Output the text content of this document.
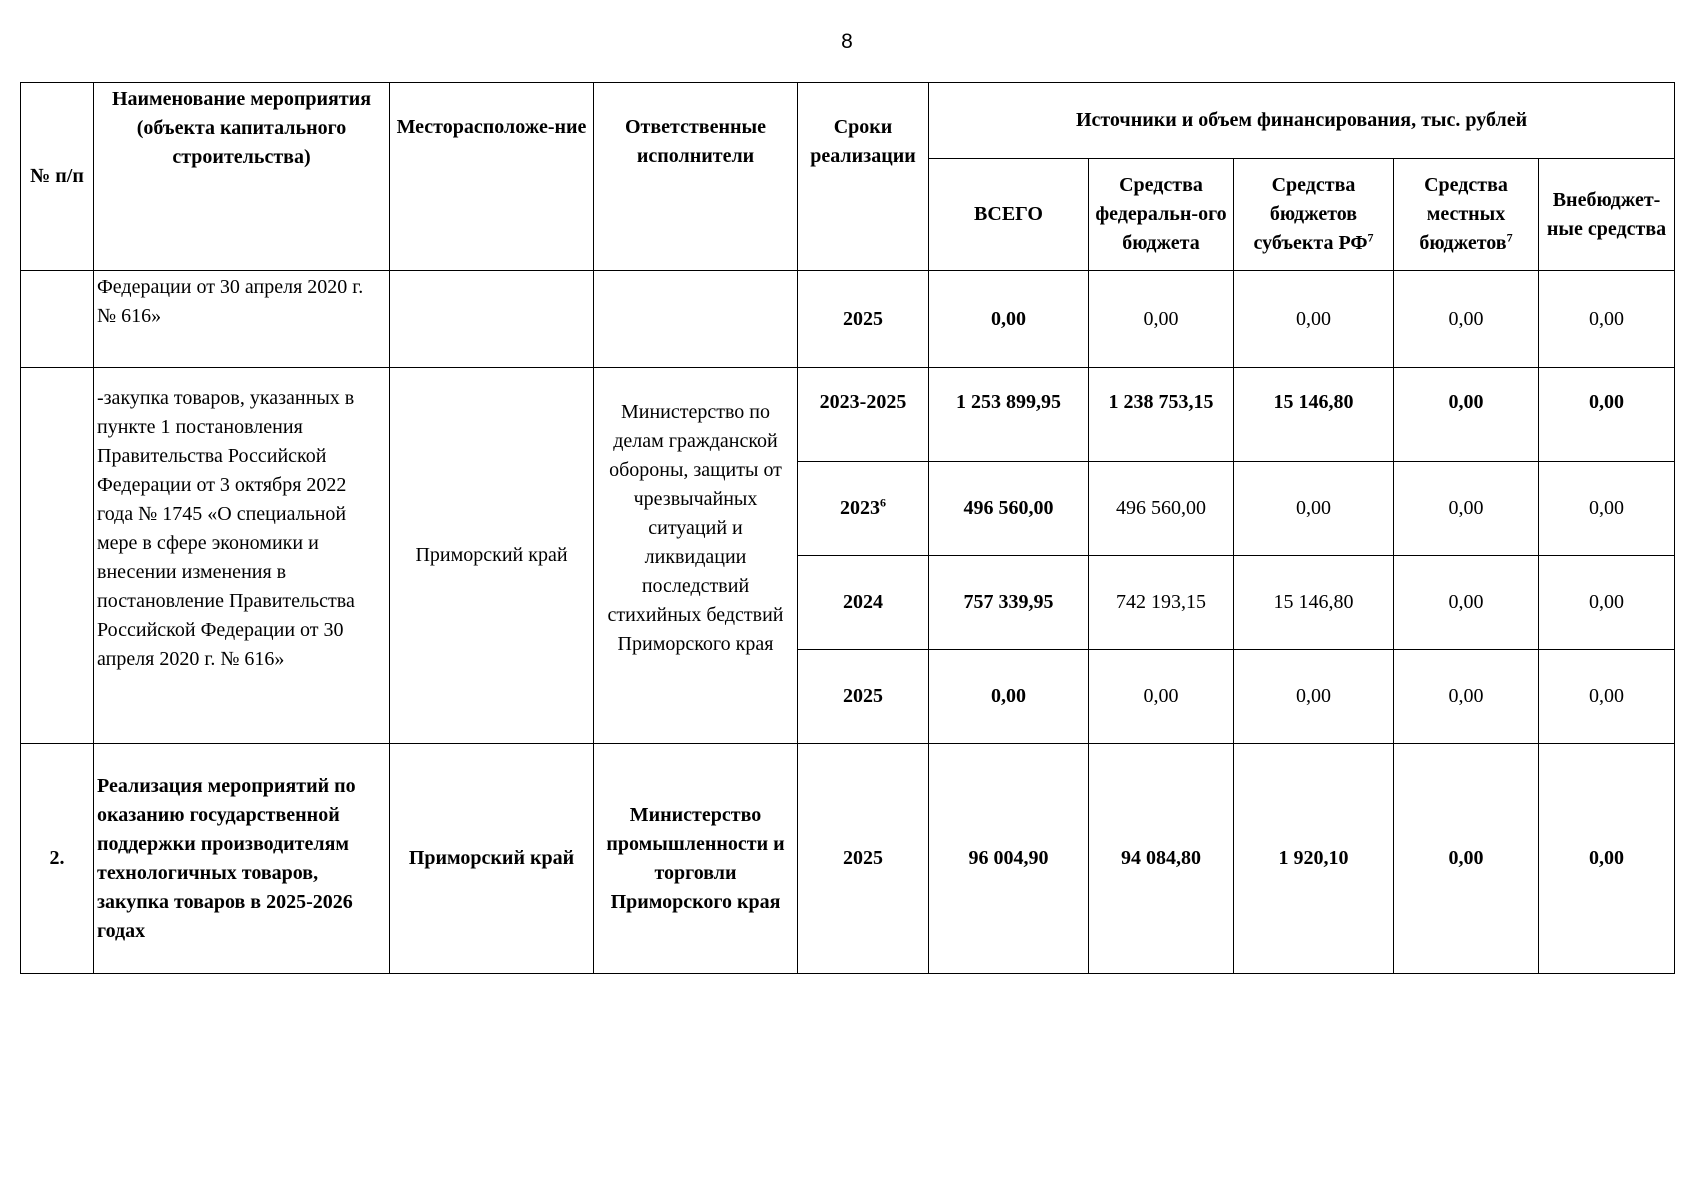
8
№ п/п	Наименование мероприятия (объекта капитального строительства)	Месторасположе-ние	Ответственные исполнители	Сроки реализации	Источники и объем финансирования, тыс. рублей				
					ВСЕГО	Средства федеральн-ого бюджета	Средства бюджетов субъекта $РФ^7$	Средства местных бюджетов$^7$	Внебюджет-ные средства
	Федерации от 30 апреля 2020 г. № 616»			2025	0,00	0,00	0,00	0,00	0,00
	-закупка товаров, указанных в пункте 1 постановления Правительства Российской Федерации от 3 октября 2022 года № 1745 «О специальной мере в сфере экономики и внесении изменения в постановление Правительства Российской Федерации от 30 апреля 2020 г. № 616»	Приморский край	Министерство по делам гражданской обороны, защиты от чрезвычайных ситуаций и ликвидации последствий стихийных бедствий Приморского края	2023-2025	1 253 899,95	1 238 753,15	15 146,80	0,00	0,00
				2023$^6$	496 560,00	496 560,00	0,00	0,00	0,00
				2024	757 339,95	742 193,15	15 146,80	0,00	0,00
				2025	0,00	0,00	0,00	0,00	0,00
2.	Реализация мероприятий по оказанию государственной поддержки производителям технологичных товаров, закупка товаров в 2025-2026 годах	Приморский край	Министерство промышленности и торговли Приморского края	2025	96 004,90	94 084,80	1 920,10	0,00	0,00
